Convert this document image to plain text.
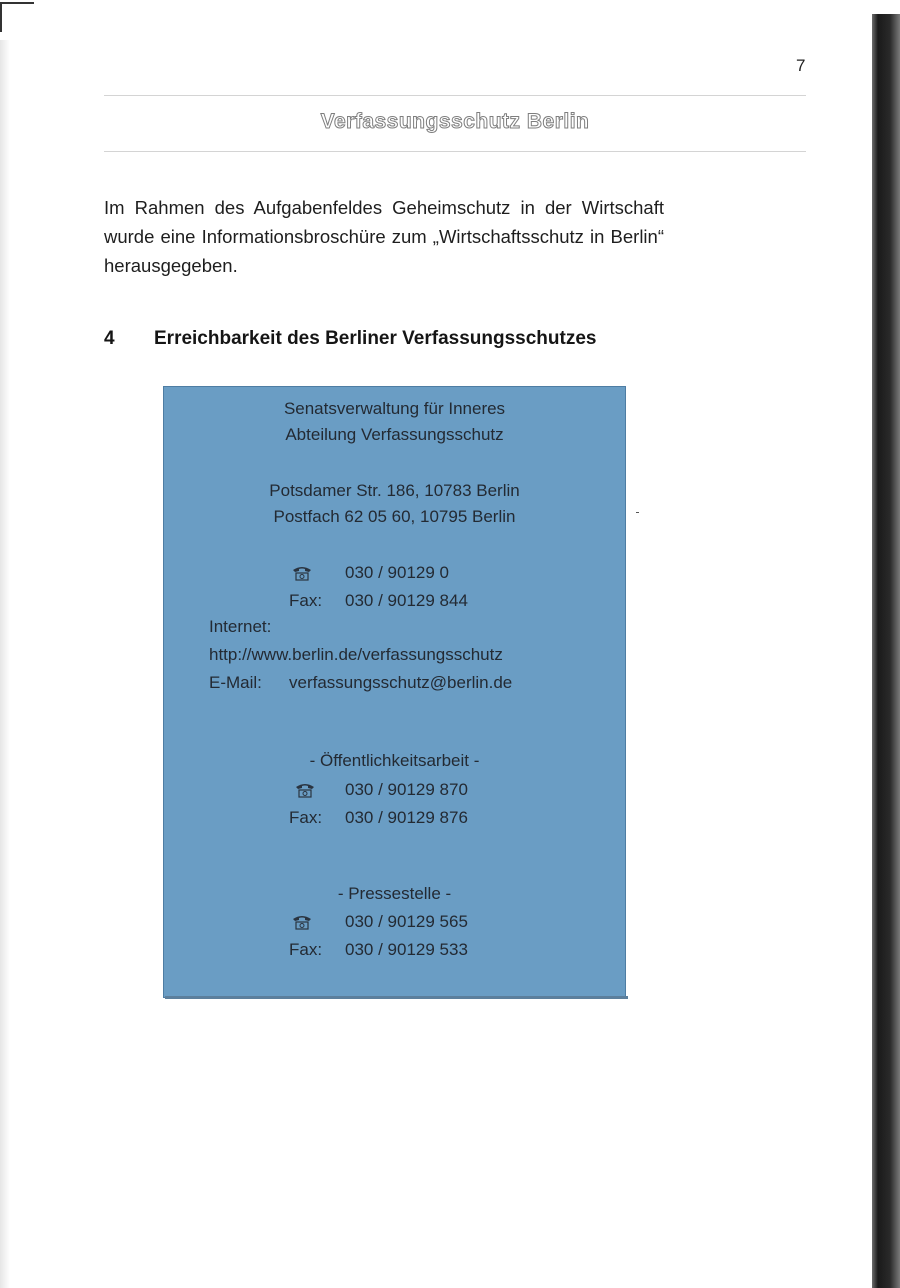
7
Verfassungsschutz Berlin

Im Rahmen des Aufgabenfeldes Geheimschutz in der Wirtschaft wurde eine Informationsbroschüre zum „Wirtschaftsschutz in Berlin“ herausgegeben.

4 Erreichbarkeit des Berliner Verfassungsschutzes
Senatsverwaltung für Inneres
Abteilung Verfassungsschutz
Potsdamer Str. 186, 10783 Berlin
Postfach 62 05 60, 10795 Berlin
030 / 90129 0
Fax: 030 / 90129 844
Internet:
http://www.berlin.de/verfassungsschutz
E-Mail: verfassungsschutz@berlin.de
- Öffentlichkeitsarbeit -
030 / 90129 870
Fax: 030 / 90129 876
- Pressestelle -
030 / 90129 565
Fax: 030 / 90129 533
